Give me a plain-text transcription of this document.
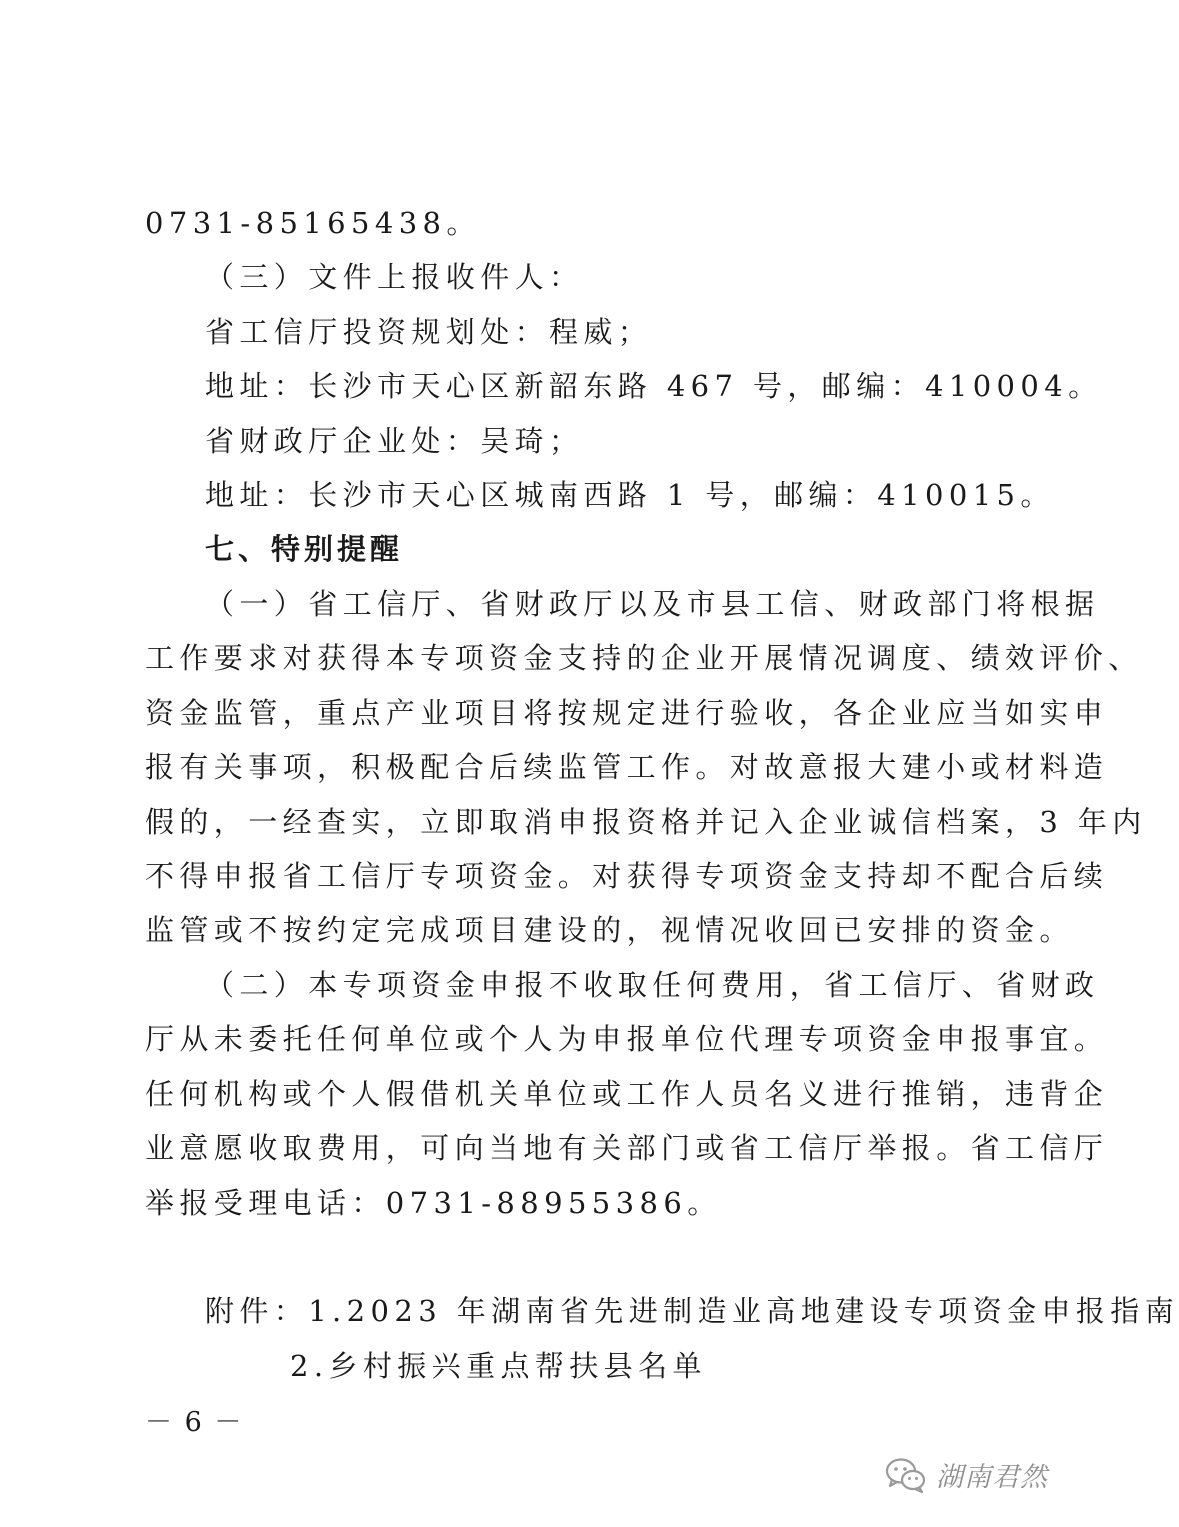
0731-85165438。
（三）文件上报收件人：
省工信厅投资规划处：程威；
地址：长沙市天心区新韶东路 467 号，邮编：410004。
省财政厅企业处：吴琦；
地址：长沙市天心区城南西路 1 号，邮编：410015。
七、特别提醒
（一）省工信厅、省财政厅以及市县工信、财政部门将根据
工作要求对获得本专项资金支持的企业开展情况调度、绩效评价、
资金监管，重点产业项目将按规定进行验收，各企业应当如实申
报有关事项，积极配合后续监管工作。对故意报大建小或材料造
假的，一经查实，立即取消申报资格并记入企业诚信档案，3 年内
不得申报省工信厅专项资金。对获得专项资金支持却不配合后续
监管或不按约定完成项目建设的，视情况收回已安排的资金。
（二）本专项资金申报不收取任何费用，省工信厅、省财政
厅从未委托任何单位或个人为申报单位代理专项资金申报事宜。
任何机构或个人假借机关单位或工作人员名义进行推销，违背企
业意愿收取费用，可向当地有关部门或省工信厅举报。省工信厅
举报受理电话：0731-88955386。
附件：1.2023 年湖南省先进制造业高地建设专项资金申报指南
2.乡村振兴重点帮扶县名单
－ 6 －
湖南君然
